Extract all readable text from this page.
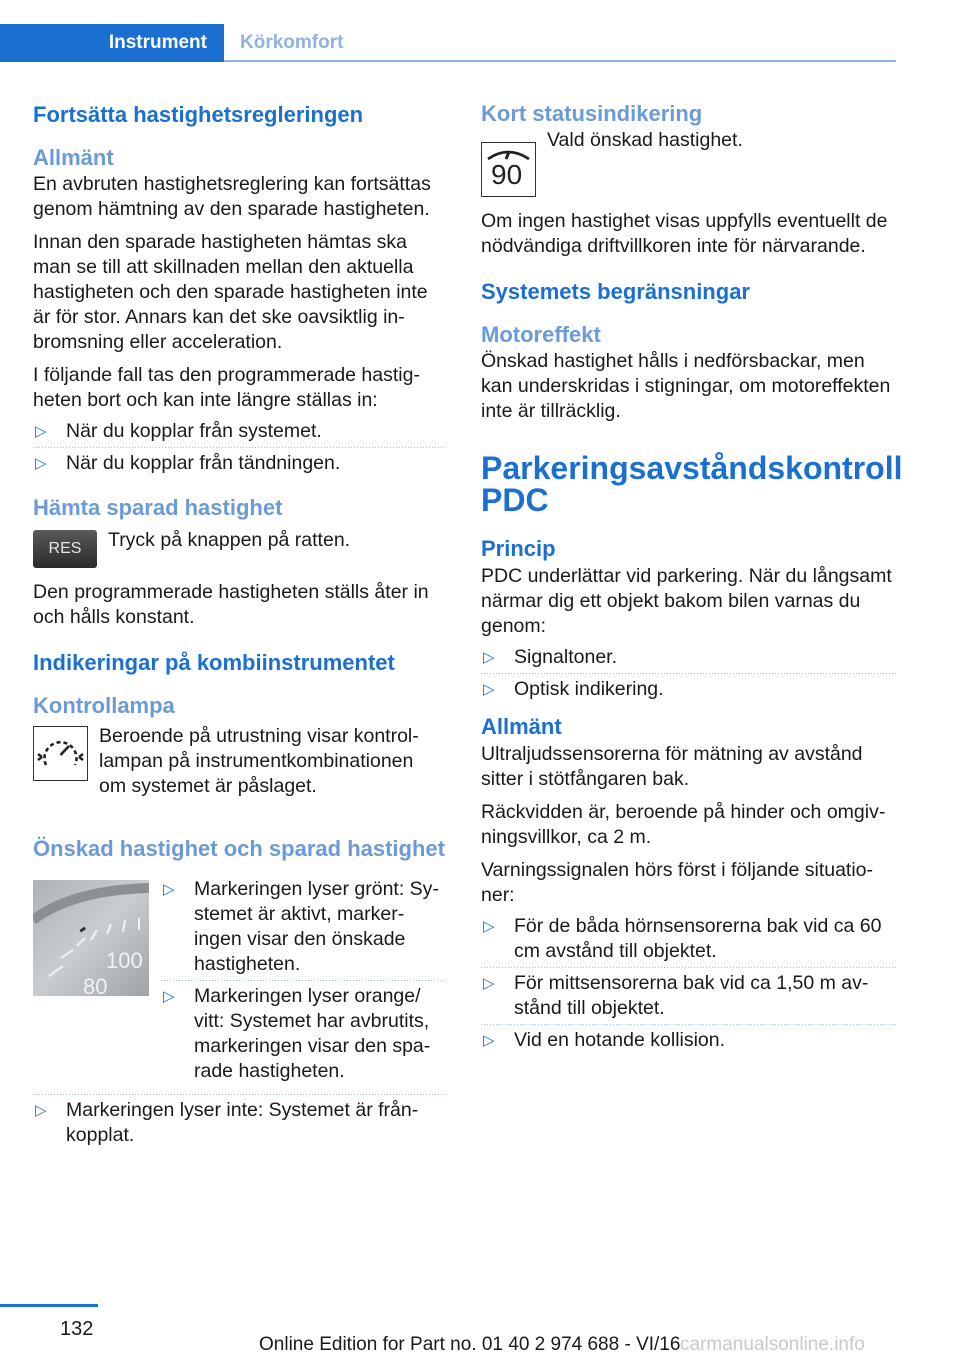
Instrument	Körkomfort
Fortsätta hastighetsregleringen
Allmänt

En avbruten hastighetsreglering kan fortsättas genom hämtning av den sparade hastigheten.

Innan den sparade hastigheten hämtas ska man se till att skillnaden mellan den aktuella hastigheten och den sparade hastigheten inte är för stor. Annars kan det ske oavsiktlig inbromsning eller acceleration.

I följande fall tas den programmerade hastigheten bort och kan inte längre ställas in:

▷ När du kopplar från systemet.
▷ När du kopplar från tändningen.
Hämta sparad hastighet
RES	Tryck på knappen på ratten.

Den programmerade hastigheten ställs åter in och hålls konstant.

Indikeringar på kombiinstrumentet
Kontrollampa
Beroende på utrustning visar kontrollampan på instrumentkombinationen om systemet är påslaget.
Önskad hastighet och sparad hastighet
100
80
▷ Markeringen lyser grönt: Systemet är aktivt, markeringen visar den önskade hastigheten.
▷ Markeringen lyser orange/ vitt: Systemet har avbrutits, markeringen visar den sparade hastigheten.
▷ Markeringen lyser inte: Systemet är frånkopplat.
Kort statusindikering
90
Vald önskad hastighet.

Om ingen hastighet visas uppfylls eventuellt de nödvändiga driftvillkoren inte för närvarande.

Systemets begränsningar
Motoreffekt

Önskad hastighet hålls i nedförsbackar, men kan underskridas i stigningar, om motoreffekten inte är tillräcklig.

Parkeringsavståndskontroll
PDC
Princip

PDC underlättar vid parkering. När du långsamt närmar dig ett objekt bakom bilen varnas du genom:

▷ Signaltoner.
▷ Optisk indikering.
Allmänt

Ultraljudssensorerna för mätning av avstånd sitter i stötfångaren bak.

Räckvidden är, beroende på hinder och omgivningsvillkor, ca 2 m.

Varningssignalen hörs först i följande situationer:

▷ För de båda hörnsensorerna bak vid ca 60 cm avstånd till objektet.
▷ För mittsensorerna bak vid ca 1,50 m avstånd till objektet.
▷ Vid en hotande kollision.
132
Online Edition for Part no. 01 40 2 974 688 - VI/16 carmanualsonline.info
